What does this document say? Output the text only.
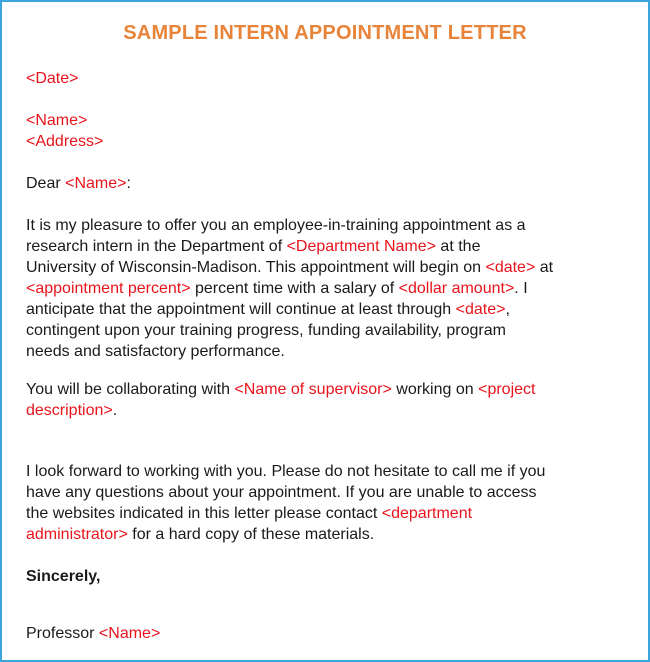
SAMPLE INTERN APPOINTMENT LETTER
<Date>
<Name>
<Address>
Dear <Name>:
It is my pleasure to offer you an employee-in-training appointment as a
research intern in the Department of <Department Name> at the
University of Wisconsin-Madison. This appointment will begin on <date> at
<appointment percent> percent time with a salary of <dollar amount>. I
anticipate that the appointment will continue at least through <date>,
contingent upon your training progress, funding availability, program
needs and satisfactory performance.
You will be collaborating with <Name of supervisor> working on <project
description>.
I look forward to working with you. Please do not hesitate to call me if you
have any questions about your appointment. If you are unable to access
the websites indicated in this letter please contact <department
administrator> for a hard copy of these materials.
Sincerely,
Professor <Name>
